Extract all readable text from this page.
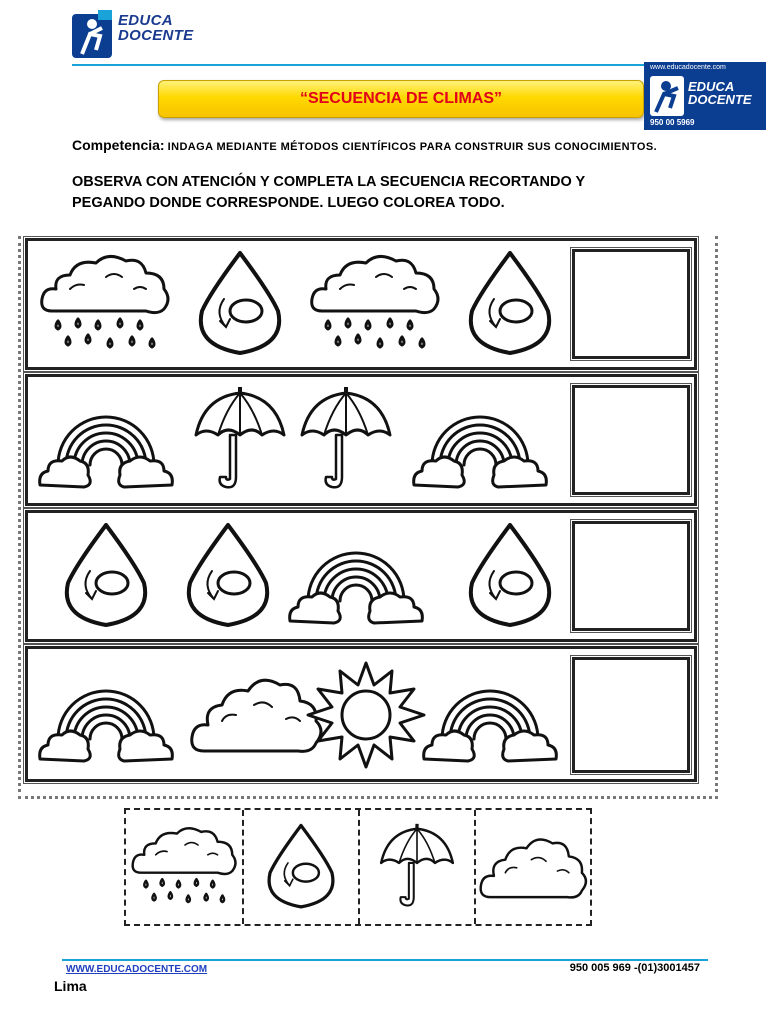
EDUCA DOCENTE
“SECUENCIA DE CLIMAS”
www.educadocente.com
EDUCA
DOCENTE
950 00 5969
Competencia: INDAGA MEDIANTE MÉTODOS CIENTÍFICOS PARA CONSTRUIR SUS CONOCIMIENTOS.
OBSERVA CON ATENCIÓN Y COMPLETA LA SECUENCIA RECORTANDO Y PEGANDO DONDE CORRESPONDE. LUEGO COLOREA TODO.
WWW.EDUCADOCENTE.COM	950 005 969 -(01)3001457
Lima
